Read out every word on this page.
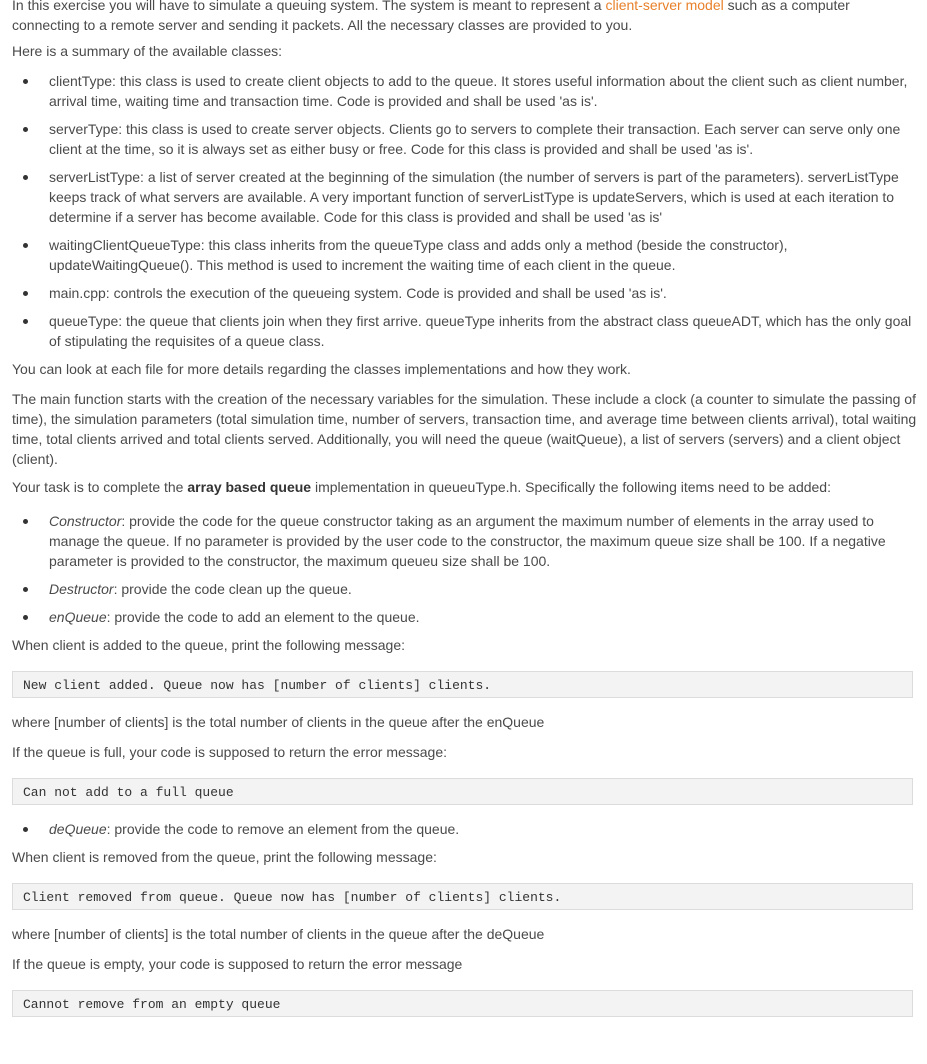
In this exercise you will have to simulate a queuing system. The system is meant to represent a client-server model such as a computer connecting to a remote server and sending it packets. All the necessary classes are provided to you.

Here is a summary of the available classes:

clientType: this class is used to create client objects to add to the queue. It stores useful information about the client such as client number, arrival time, waiting time and transaction time. Code is provided and shall be used 'as is'.
serverType: this class is used to create server objects. Clients go to servers to complete their transaction. Each server can serve only one client at the time, so it is always set as either busy or free. Code for this class is provided and shall be used 'as is'.
serverListType: a list of server created at the beginning of the simulation (the number of servers is part of the parameters). serverListType keeps track of what servers are available. A very important function of serverListType is updateServers, which is used at each iteration to determine if a server has become available. Code for this class is provided and shall be used 'as is'
waitingClientQueueType: this class inherits from the queueType class and adds only a method (beside the constructor), updateWaitingQueue(). This method is used to increment the waiting time of each client in the queue.
main.cpp: controls the execution of the queueing system. Code is provided and shall be used 'as is'.
queueType: the queue that clients join when they first arrive. queueType inherits from the abstract class queueADT, which has the only goal of stipulating the requisites of a queue class.

You can look at each file for more details regarding the classes implementations and how they work.

The main function starts with the creation of the necessary variables for the simulation. These include a clock (a counter to simulate the passing of time), the simulation parameters (total simulation time, number of servers, transaction time, and average time between clients arrival), total waiting time, total clients arrived and total clients served. Additionally, you will need the queue (waitQueue), a list of servers (servers) and a client object (client).

Your task is to complete the array based queue implementation in queueuType.h. Specifically the following items need to be added:

Constructor: provide the code for the queue constructor taking as an argument the maximum number of elements in the array used to manage the queue. If no parameter is provided by the user code to the constructor, the maximum queue size shall be 100. If a negative parameter is provided to the constructor, the maximum queueu size shall be 100.
Destructor: provide the code clean up the queue.
enQueue: provide the code to add an element to the queue.

When client is added to the queue, print the following message:

New client added. Queue now has [number of clients] clients.

where [number of clients] is the total number of clients in the queue after the enQueue

If the queue is full, your code is supposed to return the error message:

Can not add to a full queue
deQueue: provide the code to remove an element from the queue.

When client is removed from the queue, print the following message:

Client removed from queue. Queue now has [number of clients] clients.

where [number of clients] is the total number of clients in the queue after the deQueue

If the queue is empty, your code is supposed to return the error message

Cannot remove from an empty queue
